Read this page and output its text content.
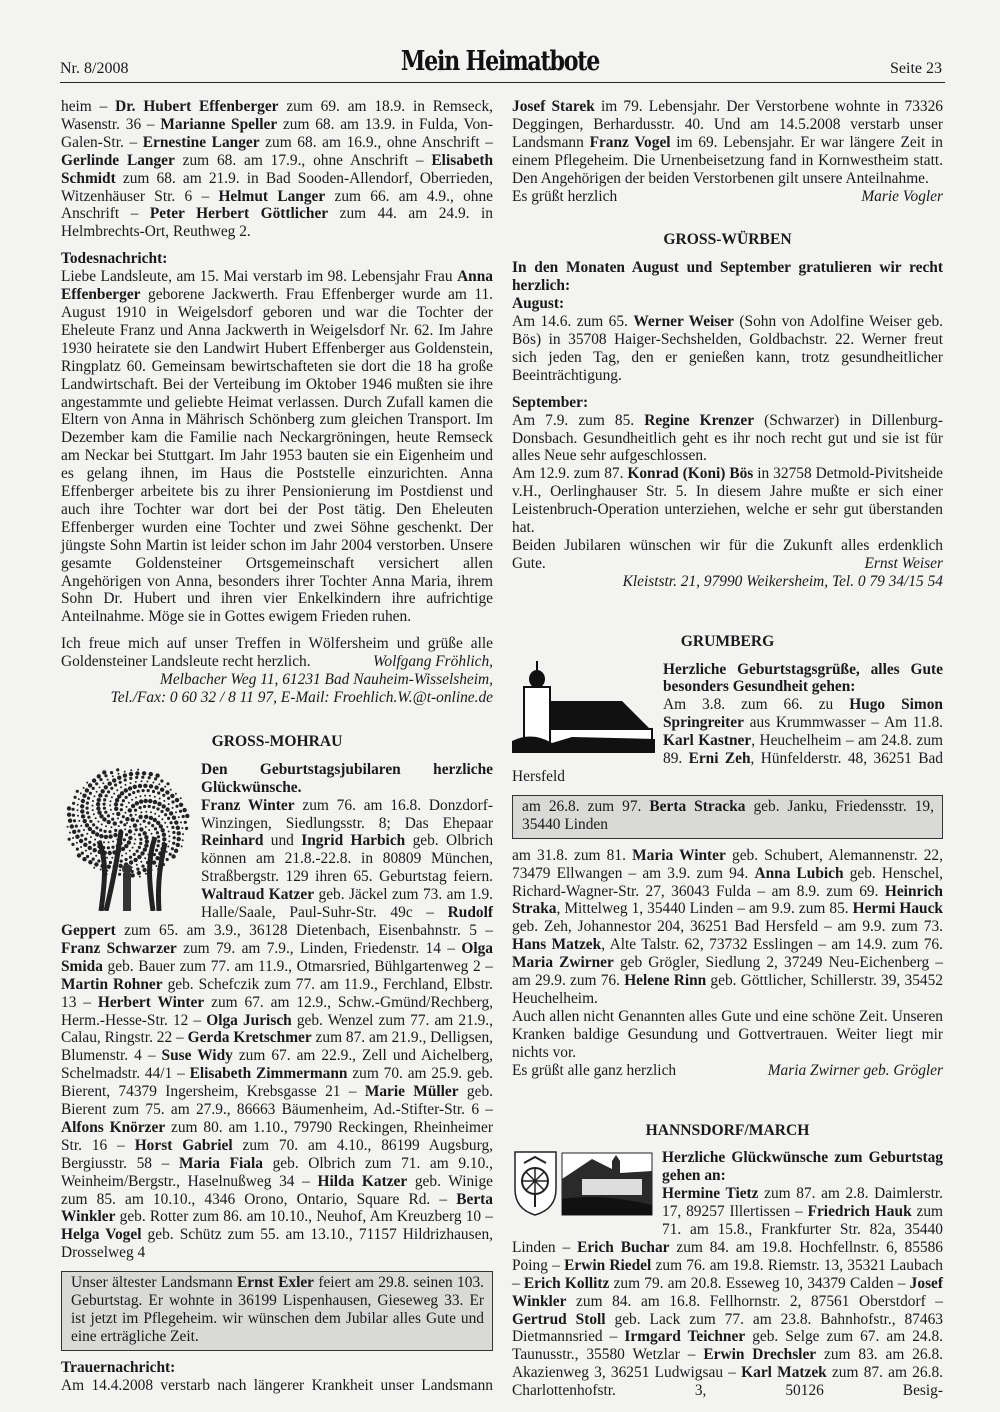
Nr. 8/2008	Mein Heimatbote	Seite 23

heim – Dr. Hubert Effenberger zum 69. am 18.9. in Remseck, Wasenstr. 36 – Marianne Speller zum 68. am 13.9. in Fulda, Von-Galen-Str. – Ernestine Langer zum 68. am 16.9., ohne Anschrift – Gerlinde Langer zum 68. am 17.9., ohne Anschrift – Elisabeth Schmidt zum 68. am 21.9. in Bad Sooden-Allendorf, Oberrieden, Witzenhäuser Str. 6 – Helmut Langer zum 66. am 4.9., ohne Anschrift – Peter Herbert Göttlicher zum 44. am 24.9. in Helmbrechts-Ort, Reuthweg 2.

Todesnachricht:

Liebe Landsleute, am 15. Mai verstarb im 98. Lebensjahr Frau Anna Effenberger geborene Jackwerth. Frau Effenberger wurde am 11. August 1910 in Weigelsdorf geboren und war die Tochter der Eheleute Franz und Anna Jackwerth in Weigelsdorf Nr. 62. Im Jahre 1930 heiratete sie den Landwirt Hubert Effenberger aus Goldenstein, Ringplatz 60. Gemeinsam bewirtschafteten sie dort die 18 ha große Landwirtschaft. Bei der Verteibung im Oktober 1946 mußten sie ihre angestammte und geliebte Heimat verlassen. Durch Zufall kamen die Eltern von Anna in Mährisch Schönberg zum gleichen Transport. Im Dezember kam die Familie nach Neckargröningen, heute Remseck am Neckar bei Stuttgart. Im Jahr 1953 bauten sie ein Eigenheim und es gelang ihnen, im Haus die Poststelle einzurichten. Anna Effenberger arbeitete bis zu ihrer Pensionierung im Postdienst und auch ihre Tochter war dort bei der Post tätig. Den Eheleuten Effenberger wurden eine Tochter und zwei Söhne geschenkt. Der jüngste Sohn Martin ist leider schon im Jahr 2004 verstorben. Unsere gesamte Goldensteiner Ortsgemeinschaft versichert allen Angehörigen von Anna, besonders ihrer Tochter Anna Maria, ihrem Sohn Dr. Hubert und ihren vier Enkelkindern ihre aufrichtige Anteilnahme. Möge sie in Gottes ewigem Frieden ruhen.

Ich freue mich auf unser Treffen in Wölfersheim und grüße alle

Goldensteiner Landsleute recht herzlich.	Wolfgang Fröhlich,
Melbacher Weg 11, 61231 Bad Nauheim-Wisselsheim,
Tel./Fax: 0 60 32 / 8 11 97, E-Mail: Froehlich.W.@t-online.de
GROSS-MOHRAU
Den Geburtstagsjubilaren herzliche Glückwünsche.

Franz Winter zum 76. am 16.8. Donzdorf-Winzingen, Siedlungsstr. 8; Das Ehepaar Reinhard und Ingrid Harbich geb. Olbrich können am 21.8.-22.8. in 80809 München, Straßbergstr. 129 ihren 65. Geburtstag feiern. Waltraud Katzer geb. Jäckel zum 73. am 1.9. Halle/Saale, Paul-Suhr-Str. 49c – Rudolf Geppert zum 65. am 3.9., 36128 Dietenbach, Eisenbahnstr. 5 – Franz Schwarzer zum 79. am 7.9., Linden, Friedenstr. 14 – Olga Smida geb. Bauer zum 77. am 11.9., Otmarsried, Bühlgartenweg 2 – Martin Rohner geb. Schefczik zum 77. am 11.9., Ferchland, Elbstr. 13 – Herbert Winter zum 67. am 12.9., Schw.-Gmünd/Rechberg, Herm.-Hesse-Str. 12 – Olga Jurisch geb. Wenzel zum 77. am 21.9., Calau, Ringstr. 22 – Gerda Kretschmer zum 87. am 21.9., Delligsen, Blumenstr. 4 – Suse Widy zum 67. am 22.9., Zell und Aichelberg, Schelmadstr. 44/1 – Elisabeth Zimmermann zum 70. am 25.9. geb. Bierent, 74379 Ingersheim, Krebsgasse 21 – Marie Müller geb. Bierent zum 75. am 27.9., 86663 Bäumenheim, Ad.-Stifter-Str. 6 – Alfons Knörzer zum 80. am 1.10., 79790 Reckingen, Rheinheimer Str. 16 – Horst Gabriel zum 70. am 4.10., 86199 Augsburg, Bergiusstr. 58 – Maria Fiala geb. Olbrich zum 71. am 9.10., Weinheim/Bergstr., Haselnußweg 34 – Hilda Katzer geb. Winige zum 85. am 10.10., 4346 Orono, Ontario, Square Rd. – Berta Winkler geb. Rotter zum 86. am 10.10., Neuhof, Am Kreuzberg 10 – Helga Vogel geb. Schütz zum 55. am 13.10., 71157 Hildrizhausen, Drosselweg 4

Unser ältester Landsmann Ernst Exler feiert am 29.8. seinen 103. Geburtstag. Er wohnte in 36199 Lispenhausen, Gieseweg 33. Er ist jetzt im Pflegeheim. wir wünschen dem Jubilar alles Gute und eine erträgliche Zeit.
Trauernachricht:

Am 14.4.2008 verstarb nach längerer Krankheit unser Landsmann

Josef Starek im 79. Lebensjahr. Der Verstorbene wohnte in 73326 Deggingen, Berhardusstr. 40. Und am 14.5.2008 verstarb unser Landsmann Franz Vogel im 69. Lebensjahr. Er war längere Zeit in einem Pflegeheim. Die Urnenbeisetzung fand in Kornwestheim statt. Den Angehörigen der beiden Verstorbenen gilt unsere Anteilnahme.

Es grüßt herzlich	Marie Vogler
GROSS-WÜRBEN
In den Monaten August und September gratulieren wir recht herzlich:
August:

Am 14.6. zum 65. Werner Weiser (Sohn von Adolfine Weiser geb. Bös) in 35708 Haiger-Sechshelden, Goldbachstr. 22. Werner freut sich jeden Tag, den er genießen kann, trotz gesundheitlicher Beeinträchtigung.

September:

Am 7.9. zum 85. Regine Krenzer (Schwarzer) in Dillenburg-Donsbach. Gesundheitlich geht es ihr noch recht gut und sie ist für alles Neue sehr aufgeschlossen.

Am 12.9. zum 87. Konrad (Koni) Bös in 32758 Detmold-Pivitsheide v.H., Oerlinghauser Str. 5. In diesem Jahre mußte er sich einer Leistenbruch-Operation unterziehen, welche er sehr gut überstanden hat.

Beiden Jubilaren wünschen wir für die Zukunft alles erdenklich

Gute.	Ernst Weiser
Kleiststr. 21, 97990 Weikersheim, Tel. 0 79 34/15 54
GRUMBERG
Herzliche Geburtstagsgrüße, alles Gute besonders Gesundheit gehen:

Am 3.8. zum 66. zu Hugo Simon Springreiter aus Krummwasser – Am 11.8. Karl Kastner, Heuchelheim – am 24.8. zum 89. Erni Zeh, Hünfelderstr. 48, 36251 Bad Hersfeld

am 26.8. zum 97. Berta Stracka geb. Janku, Friedensstr. 19, 35440 Linden

am 31.8. zum 81. Maria Winter geb. Schubert, Alemannenstr. 22, 73479 Ellwangen – am 3.9. zum 94. Anna Lubich geb. Henschel, Richard-Wagner-Str. 27, 36043 Fulda – am 8.9. zum 69. Heinrich Straka, Mittelweg 1, 35440 Linden – am 9.9. zum 85. Hermi Hauck geb. Zeh, Johannestor 204, 36251 Bad Hersfeld – am 9.9. zum 73. Hans Matzek, Alte Talstr. 62, 73732 Esslingen – am 14.9. zum 76. Maria Zwirner geb Grögler, Siedlung 2, 37249 Neu-Eichenberg – am 29.9. zum 76. Helene Rinn geb. Göttlicher, Schillerstr. 39, 35452 Heuchelheim.

Auch allen nicht Genannten alles Gute und eine schöne Zeit. Unseren Kranken baldige Gesundung und Gottvertrauen. Weiter liegt mir nichts vor.

Es grüßt alle ganz herzlich	Maria Zwirner geb. Grögler
HANNSDORF/MARCH
Herzliche Glückwünsche zum Geburtstag gehen an:

Hermine Tietz zum 87. am 2.8. Daimlerstr. 17, 89257 Illertissen – Friedrich Hauk zum 71. am 15.8., Frankfurter Str. 82a, 35440 Linden – Erich Buchar zum 84. am 19.8. Hochfellnstr. 6, 85586 Poing – Erwin Riedel zum 76. am 19.8. Riemstr. 13, 35321 Laubach – Erich Kollitz zum 79. am 20.8. Esseweg 10, 34379 Calden – Josef Winkler zum 84. am 16.8. Fellhornstr. 2, 87561 Oberstdorf – Gertrud Stoll geb. Lack zum 77. am 23.8. Bahnhofstr., 87463 Dietmannsried – Irmgard Teichner geb. Selge zum 67. am 24.8. Taunusstr., 35580 Wetzlar – Erwin Drechsler zum 83. am 26.8. Akazienweg 3, 36251 Ludwigsau – Karl Matzek zum 87. am 26.8. Charlottenhofstr. 3, 50126 Besig-
